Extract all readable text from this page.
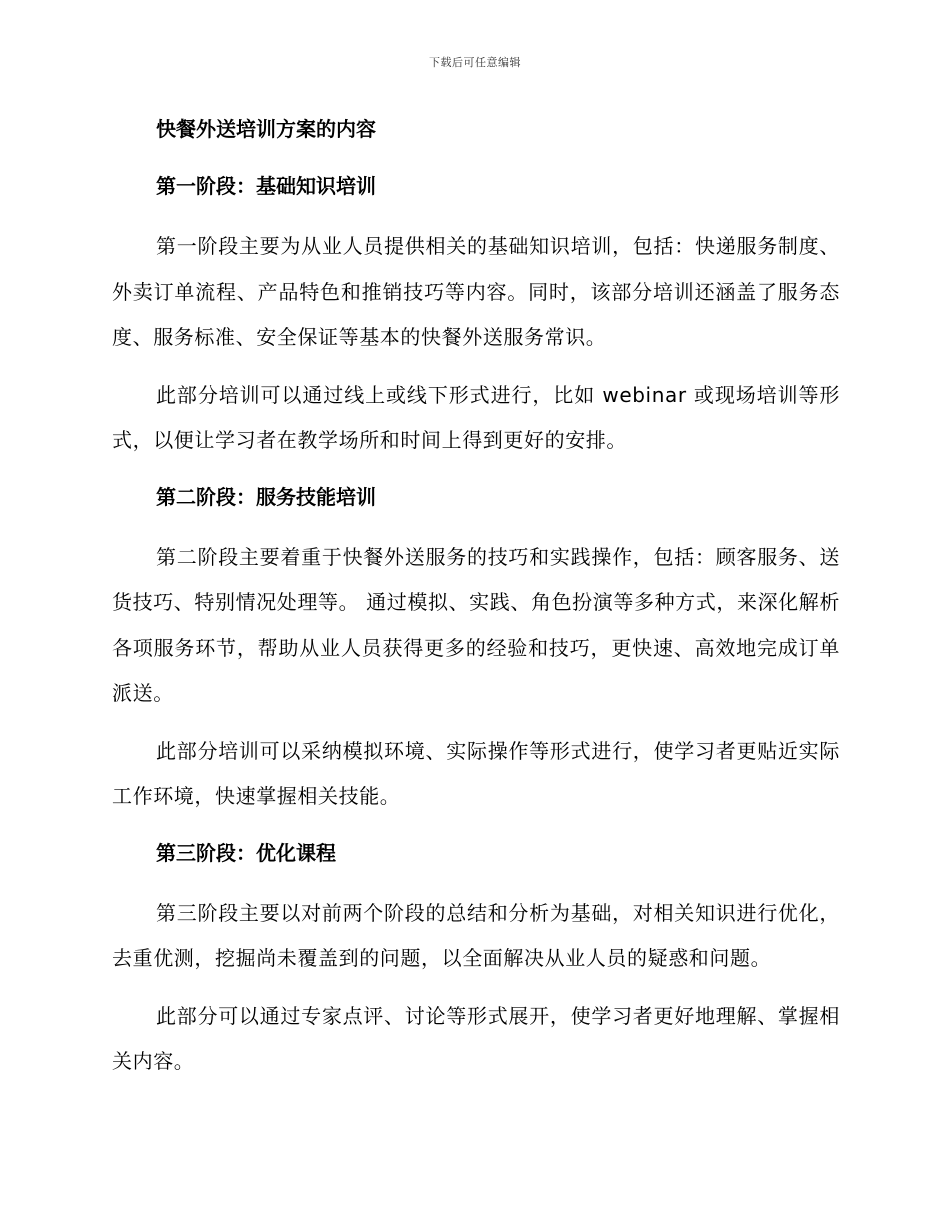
下载后可任意编辑
快餐外送培训方案的内容
第一阶段：基础知识培训

第一阶段主要为从业人员提供相关的基础知识培训，包括：快递服务制度、外卖订单流程、产品特色和推销技巧等内容。同时，该部分培训还涵盖了服务态度、服务标准、安全保证等基本的快餐外送服务常识。

此部分培训可以通过线上或线下形式进行，比如 webinar 或现场培训等形式，以便让学习者在教学场所和时间上得到更好的安排。

第二阶段：服务技能培训

第二阶段主要着重于快餐外送服务的技巧和实践操作，包括：顾客服务、送货技巧、特别情况处理等。 通过模拟、实践、角色扮演等多种方式，来深化解析各项服务环节，帮助从业人员获得更多的经验和技巧，更快速、高效地完成订单派送。

此部分培训可以采纳模拟环境、实际操作等形式进行，使学习者更贴近实际工作环境，快速掌握相关技能。

第三阶段：优化课程

第三阶段主要以对前两个阶段的总结和分析为基础，对相关知识进行优化，去重优测，挖掘尚未覆盖到的问题，以全面解决从业人员的疑惑和问题。

此部分可以通过专家点评、讨论等形式展开，使学习者更好地理解、掌握相关内容。
